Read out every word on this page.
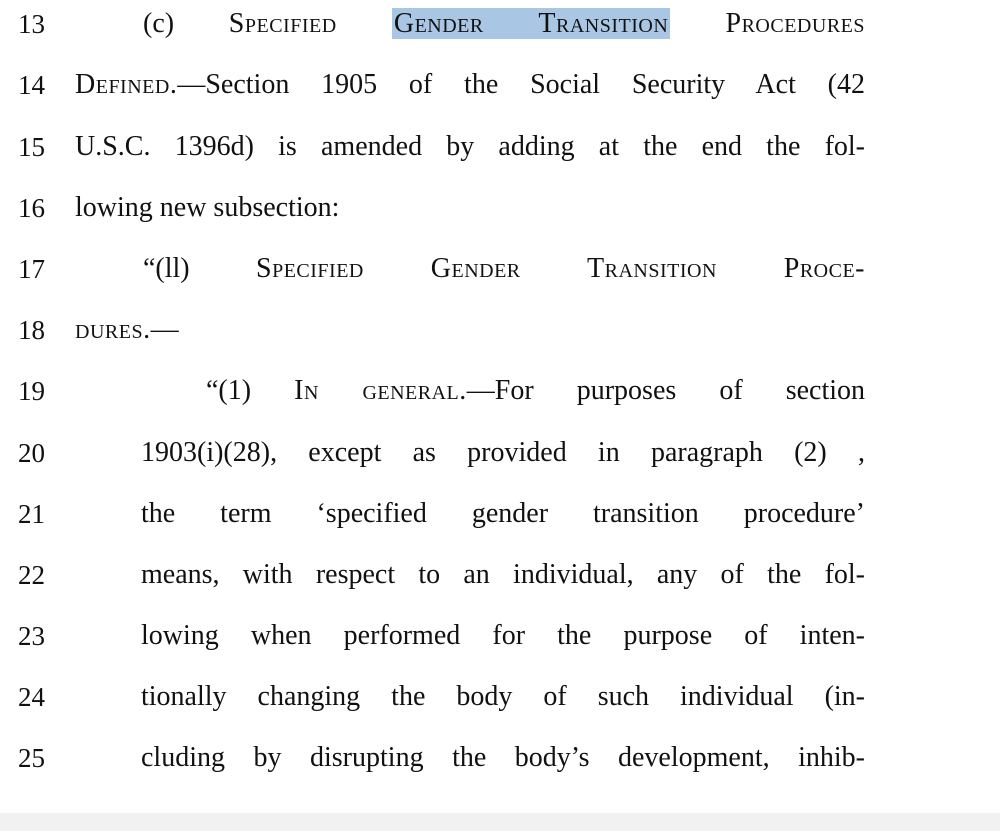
13	(c) Specified Gender Transition Procedures
14	Defined.—Section 1905 of the Social Security Act (42
15	U.S.C. 1396d) is amended by adding at the end the fol-
16	lowing new subsection:
17	“(ll) Specified Gender Transition Proce-
18	dures.—
19	“(1) In general.—For purposes of section
20	1903(i)(28), except as provided in paragraph (2) ,
21	the term ‘specified gender transition procedure’
22	means, with respect to an individual, any of the fol-
23	lowing when performed for the purpose of inten-
24	tionally changing the body of such individual (in-
25	cluding by disrupting the body’s development, inhib-
